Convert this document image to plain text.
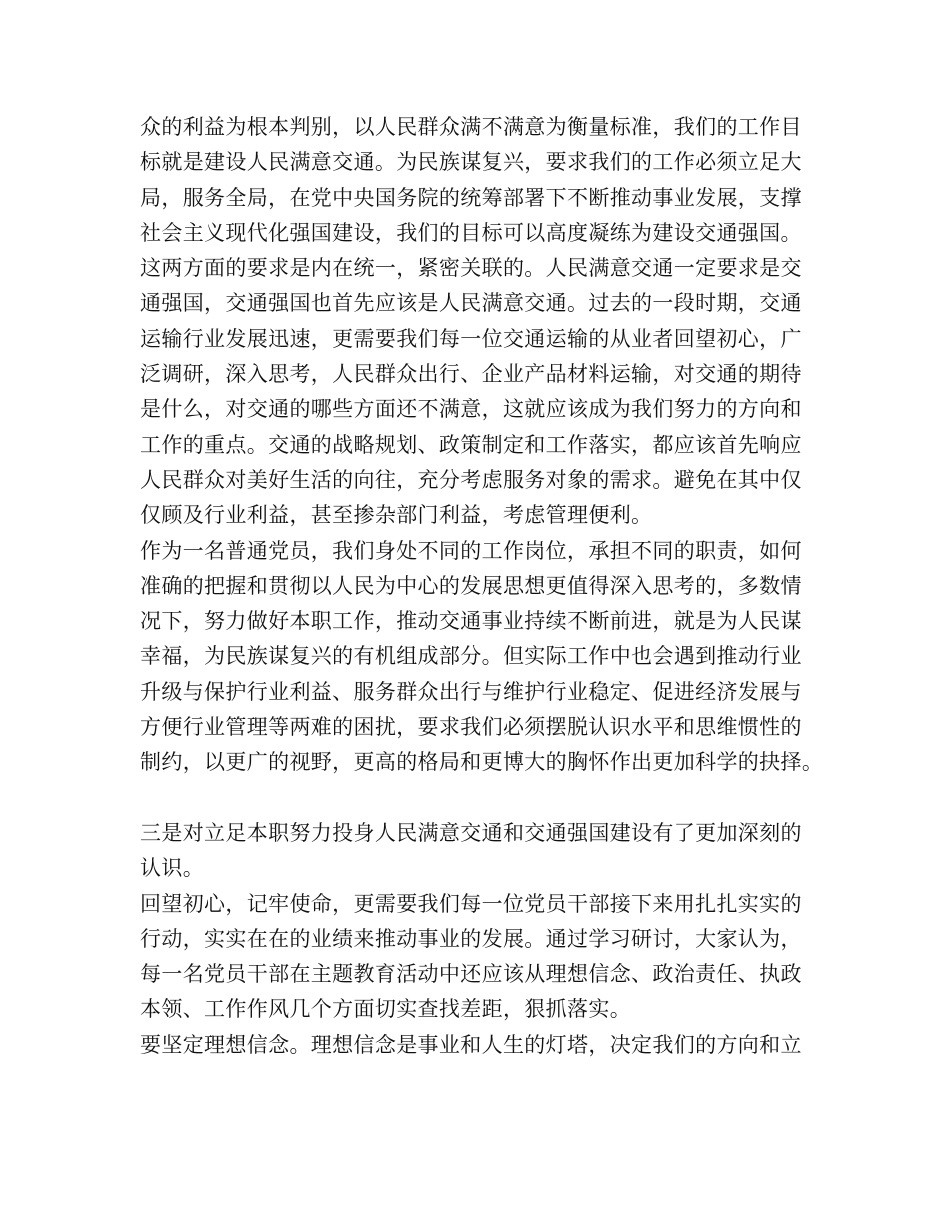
众的利益为根本判别，以人民群众满不满意为衡量标准，我们的工作目
标就是建设人民满意交通。为民族谋复兴，要求我们的工作必须立足大
局，服务全局，在党中央国务院的统筹部署下不断推动事业发展，支撑
社会主义现代化强国建设，我们的目标可以高度凝练为建设交通强国。
这两方面的要求是内在统一，紧密关联的。人民满意交通一定要求是交
通强国，交通强国也首先应该是人民满意交通。过去的一段时期，交通
运输行业发展迅速，更需要我们每一位交通运输的从业者回望初心，广
泛调研，深入思考，人民群众出行、企业产品材料运输，对交通的期待
是什么，对交通的哪些方面还不满意，这就应该成为我们努力的方向和
工作的重点。交通的战略规划、政策制定和工作落实，都应该首先响应
人民群众对美好生活的向往，充分考虑服务对象的需求。避免在其中仅
仅顾及行业利益，甚至掺杂部门利益，考虑管理便利。
作为一名普通党员，我们身处不同的工作岗位，承担不同的职责，如何
准确的把握和贯彻以人民为中心的发展思想更值得深入思考的，多数情
况下，努力做好本职工作，推动交通事业持续不断前进，就是为人民谋
幸福，为民族谋复兴的有机组成部分。但实际工作中也会遇到推动行业
升级与保护行业利益、服务群众出行与维护行业稳定、促进经济发展与
方便行业管理等两难的困扰，要求我们必须摆脱认识水平和思维惯性的
制约，以更广的视野，更高的格局和更博大的胸怀作出更加科学的抉择。
三是对立足本职努力投身人民满意交通和交通强国建设有了更加深刻的
认识。
回望初心，记牢使命，更需要我们每一位党员干部接下来用扎扎实实的
行动，实实在在的业绩来推动事业的发展。通过学习研讨，大家认为，
每一名党员干部在主题教育活动中还应该从理想信念、政治责任、执政
本领、工作作风几个方面切实查找差距，狠抓落实。
要坚定理想信念。理想信念是事业和人生的灯塔，决定我们的方向和立
